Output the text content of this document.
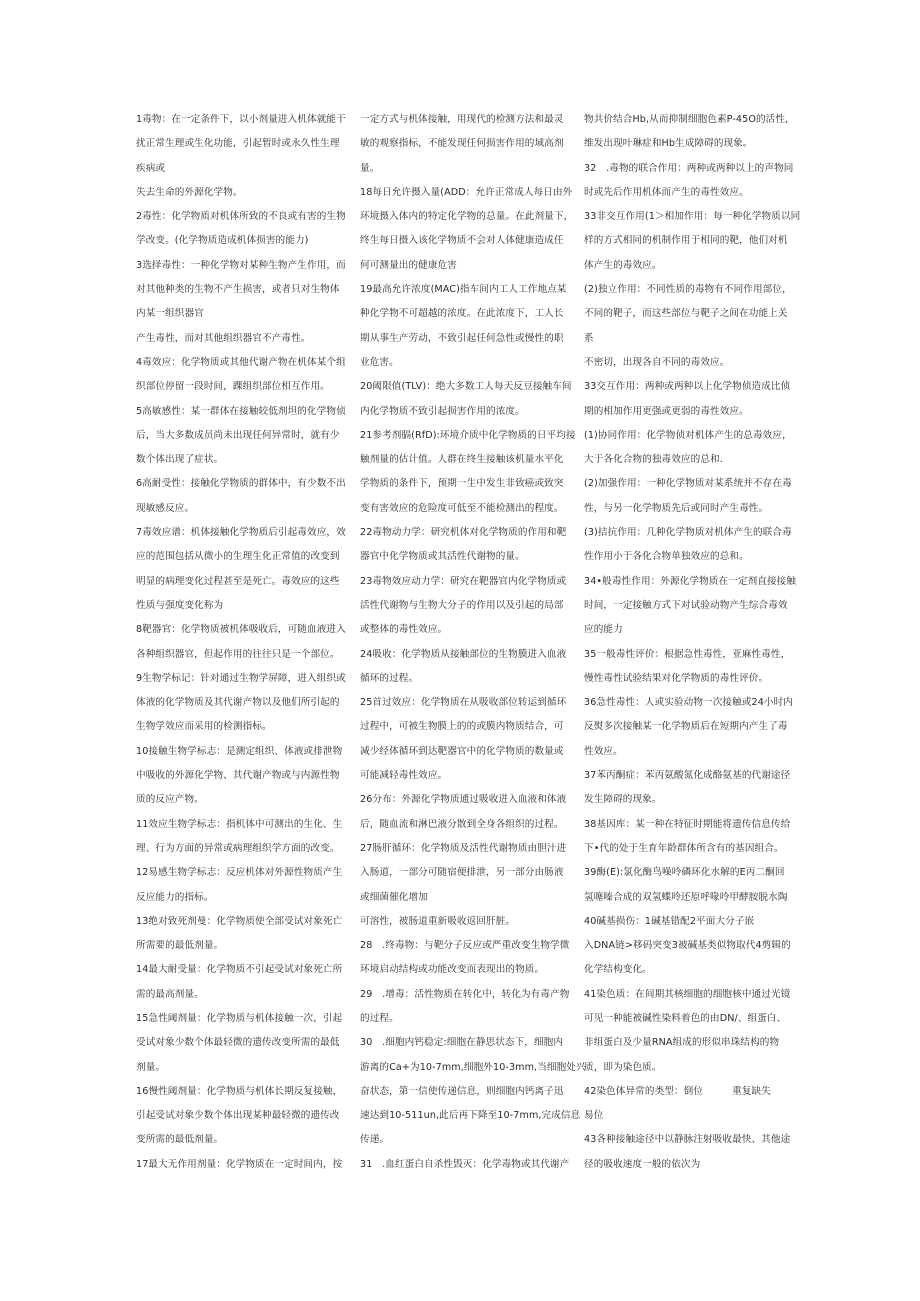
1毒物：在一定条件下，以小剂量进入机体就能干
扰正常生理或生化功能，引起暂时或永久性生理
疾病或
失去生命的外源化学物。
2毒性：化学物质对机体所致的不良或有害的生物
学改变。(化学物质造成机体损害的能力)
3选择毒性：一种化学物对某种生物产生作用，而
对其他种类的生物不产生损害，或者只对生物体
内某一组织器官
产生毒性，而对其他组织器官不产毒性。
4毒效应：化学物质或其他代谢产物在机体某个组
织部位停留一段时间，踝组织部位相互作用。
5高敏感性：某一群体在接触较低剂坦的化学物侦
后，当大多数成员尚未出现任何异常时，就有少
数个体出现了症状。
6高耐受性：接触化学物质的群体中，有少数不出
现敏感反应。
7毒效应谱：机体接触化学物质后引起毒效应，效
应的范围包括从微小的生理生化正常值的改变到
明显的病理变化过程甚至是死亡。毒效应的这些
性质与强度变化称为
8靶器官：化学物质被机体吸收后，可随血液进入
各种组织器官，但起作用的往往只是一个部位。
9生物学标记：针对通过生物学屏障，进入组织或
体液的化学物质及其代谢产物以及他们所引起的
生物学效应而采用的检测指标。
10接触生物学标志：是测定组织、体液或排泄物
中吸收的外源化学物、其代谢产物或与内源性物
质的反应产物。
11效应生物学标志：指机体中可测出的生化、生
理、行为方面的异常或病理组织学方面的改变。
12易感生物学标志：反应机体对外源性物质产生
反应能力的指标。
13绝对致死剂曼：化学物质使全部受试对象死亡
所需要的最低剂量。
14最大耐受量：化学物质不引起受试对象死亡所
需的最高剂量。
15急性阈剂量：化学物质与机体接触一次，引起
受试对象少数个体最轻微的遗传改变所需的最低
剂量。
16慢性阈剂量：化学物质与机体长期反复接触，
引起受试对象少数个体出现某种最轻微的遗传改
变所需的最低剂量。
17最大无作用剂量：化学物质在一定时间内，按
一定方式与机体接触，用现代的检测方法和最灵
敏的观察指标，不能发现任何损害作用的域高剂
量。
18每日允许摄入量(ADD：允许正常成人每日由外
环境摄入体内的特定化学物的总量。在此剂量下，
终生每日摄入该化学物质不会对人体健康造成任
何可测量出的健康危害
19最高允许浓度(MAC)指车间内工人工作地点某
种化学物不可超越的浓度。在此浓度下，工人长
期从事生产劳动，不致引起任何急性或慢性的职
业危害。
20阈限值(TLV)：绝大多数工人每天反豆接触车间
内化学物质不致引起损害作用的浓度。
21参考剂膈(RfD):环境介质中化学物质的日平均接
触剂量的估计值。人群在终生接触该机量水平化
学物质的条件下，预期一生中发生非致癌或致突
变有害效应的危险度可低至不能检测出的程度。
22毒物动力学：研究机体对化学物质的作用和靶
器官中化学物质或其活性代谢物的量。
23毒物效应动力学：研究在靶器官内化学物质或
活性代谢物与生物大分子的作用以及引起的局部
或整体的毒性效应。
24吸收：化学物质从接触部位的生物膜进入血液
循环的过程。
25首过效应：化学物质在从吸收部位转运到循环
过程中，可被生物膜上的的或膜内物质结合，可
减少经体循环到达靶器官中的化学物质的数量或
可能减轻毒性效应。
26分布：外源化学物质通过吸收进入血液和体液
后，随血流和淋巴液分散到全身各组织的过程。
27肠肝循环：化学物质及活性代谢物质由胆汁进
入肠道，一部分可随宿便排泄，另一部分由肠液
或细菌催化增加
可溶性，被肠道重新吸收返回肝脏。
28　.终毒物：与靶分子反应或严重改变生物学微
环境启动结构或功能改变而表现出的物质。
29　.增毒：活性物质在转化中，转化为有毒产物
的过程。
30　.细胞内钙稳定:细胞在静思状态下，细胞内
游离的Ca+为10-7mm,细胞外10-3mm,当细胞处兴
奋状态，第一信使传递信息，则细胞内钙离子迅
速达到10-511un,此后再下降至10-7mm,完成信息
传递。
31　.血红蛋白自杀性毁灭：化学毒物或其代谢产
物共价结合Hb,从而抑制细胞色素P-45O的活性，
维发出现叶琳症和Hb生成障碍的现象。
32　.毒物的联合作用：两种或两种以上的声物同
时或先后作用机体而产生的毒性效应。
33非交互作用(1＞相加作用：每一种化学物质以同
样的方式相同的机制作用于相同的靶，他们对机
体产生的毒效应。
(2)独立作用：不同性质的毒物有不同作用部位，
不同的靶子，而这些部位与靶子之间在功能上关
系
不密切，出现各自不同的毒效应。
33交互作用：两种或两种以上化学物侦造成比侦
期的相加作用更强或更弱的毒性效应。
(1)协同作用：化学物侦对机体产生的总毒效应，
大于各化合物的独毒效应的总和.
(2)加强作用：一种化学物质对某系统并不存在毒
性，与另一化学物质先后或同时产生毒性。
(3)拮抗作用：几种化学物质对机体产生的联合毒
性作用小于各化合物单独效应的总和。
34•般毒性作用：外源化学物质在一定剂直接接触
时间，一定接触方式下对试验动物产生综合毒效
应的能力
35一般毒性评价：根据急性毒性，亚麻性毒性，
慢性毒性试验结果对化学物质的毒性评价。
36急性毒性：人或实验动物一次接触或24小时内
反熨多次接触某一化学物质后在短期内产生了毒
性效应。
37苯丙酮症：苯丙氨酸氮化成酪氨基的代谢途径
发生障碍的现象。
38基因库：某一种在特征时期能将遗传信息传给
下•代的处于生育年龄群体所含有的基因组合。
39酶(E):氯化酶鸟噪呤磷环化水解的E丙二酮回
氢噻嗪合成的双氢蝶呤还原呼喙呤甲酵胺脱水陶
40碱基损伤：1碱基错配2平面大分子嵌
入DNA链>移码突变3被碱基类似物取代4剪辑的
化学结构变化。
41染色质：在间期其核细胞的细胞核中通过光镜
可见一种能被碱性染料着色的由DN/、组蛋白、
非组蛋白及少量RNA组成的形似串珠结构的物
质，即为染色质。
42染色体异常的类型：倒位　　　重复缺失
易位
43各种接触途径中以静脉注射吸收最快、其他途
径的吸收速度一般的依次为
